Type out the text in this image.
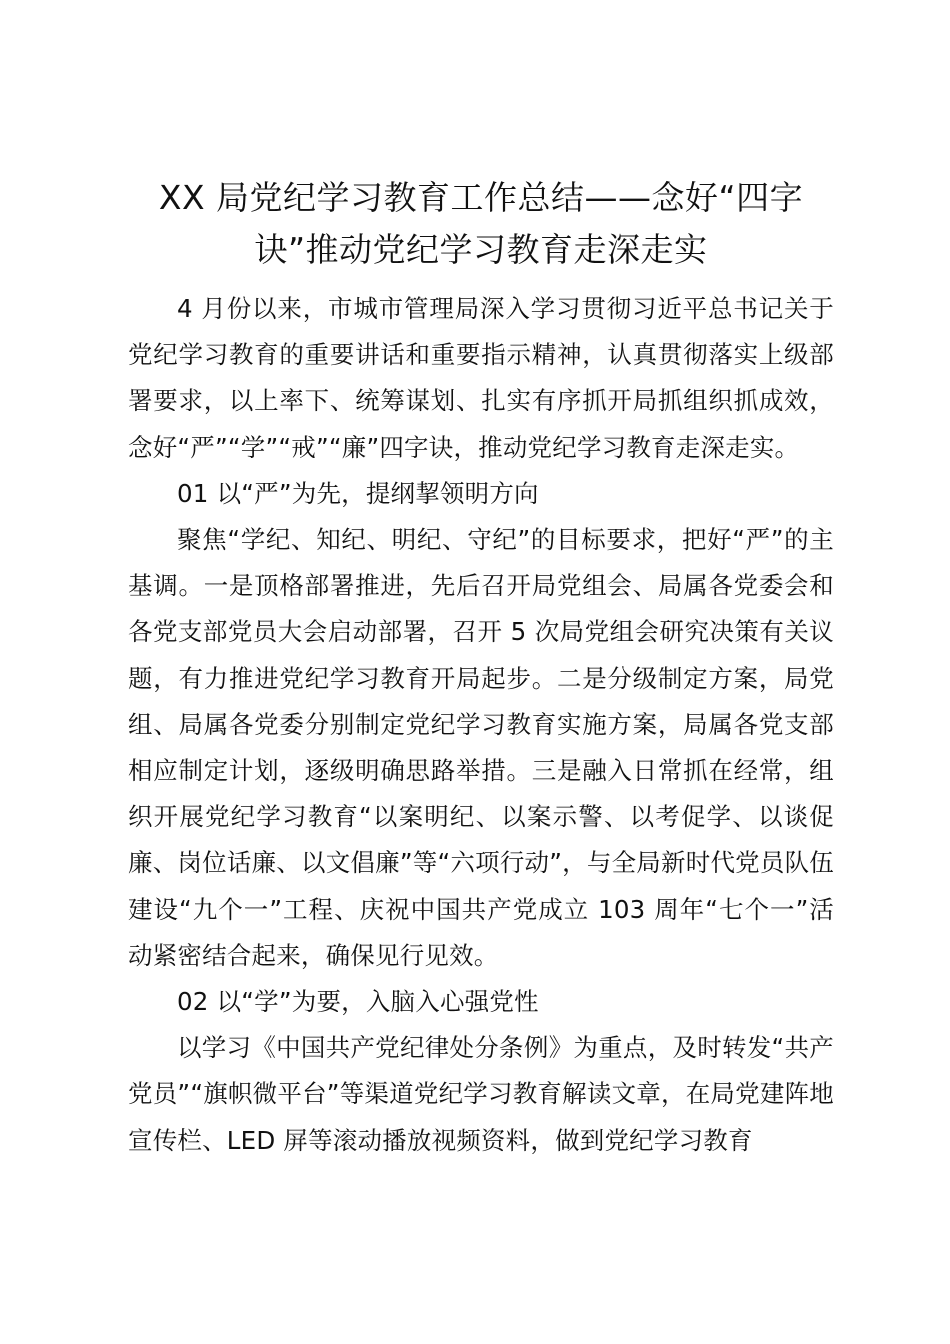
XX 局党纪学习教育工作总结——念好“四字诀”推动党纪学习教育走深走实

4 月份以来，市城市管理局深入学习贯彻习近平总书记关于党纪学习教育的重要讲话和重要指示精神，认真贯彻落实上级部署要求，以上率下、统筹谋划、扎实有序抓开局抓组织抓成效，念好“严”“学”“戒”“廉”四字诀，推动党纪学习教育走深走实。

01 以“严”为先，提纲挈领明方向

聚焦“学纪、知纪、明纪、守纪”的目标要求，把好“严”的主基调。一是顶格部署推进，先后召开局党组会、局属各党委会和各党支部党员大会启动部署，召开 5 次局党组会研究决策有关议题，有力推进党纪学习教育开局起步。二是分级制定方案，局党组、局属各党委分别制定党纪学习教育实施方案，局属各党支部相应制定计划，逐级明确思路举措。三是融入日常抓在经常，组织开展党纪学习教育“以案明纪、以案示警、以考促学、以谈促廉、岗位话廉、以文倡廉”等“六项行动”，与全局新时代党员队伍建设“九个一”工程、庆祝中国共产党成立 103 周年“七个一”活动紧密结合起来，确保见行见效。

02 以“学”为要，入脑入心强党性

以学习《中国共产党纪律处分条例》为重点，及时转发“共产党员”“旗帜微平台”等渠道党纪学习教育解读文章，在局党建阵地宣传栏、LED 屏等滚动播放视频资料，做到党纪学习教育
